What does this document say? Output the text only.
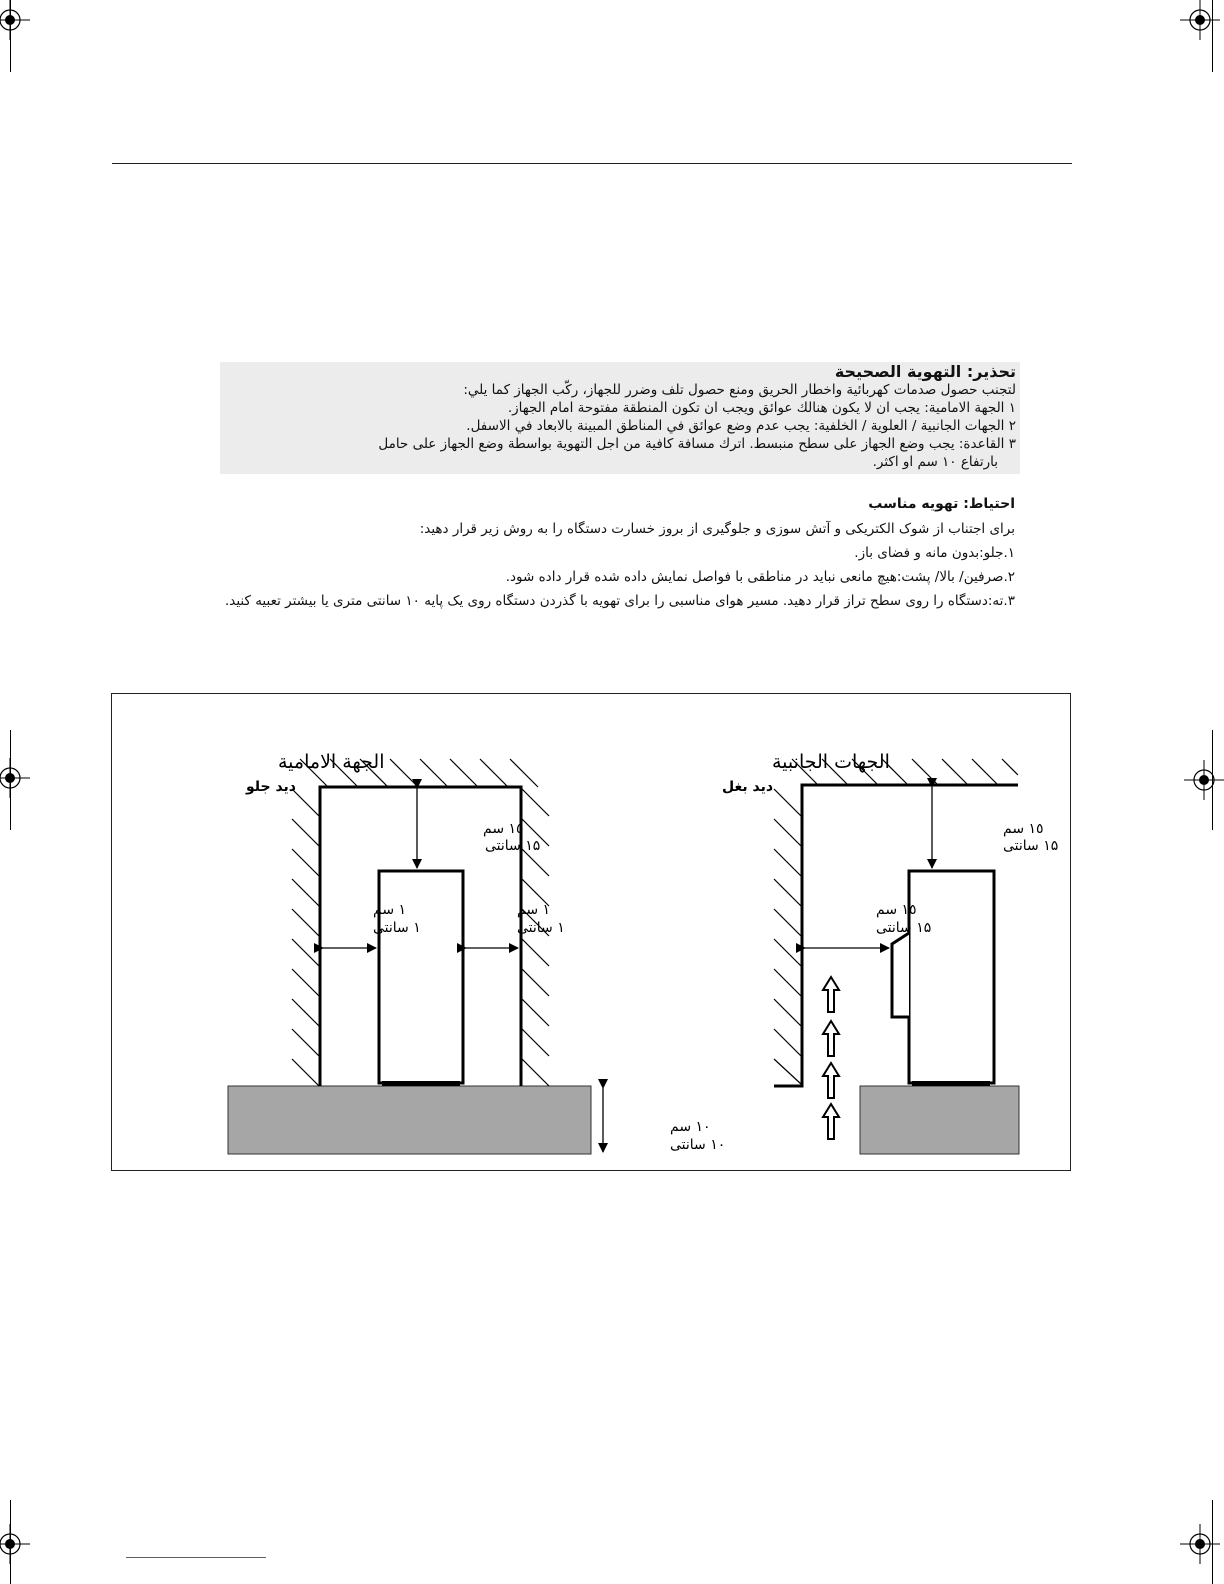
تحذير: التهوية الصحيحة
لتجنب حصول صدمات كهربائية واخطار الحريق ومنع حصول تلف وضرر للجهاز، ركّب الجهاز كما يلي:
١ الجهة الامامية: يجب ان لا يكون هنالك عوائق ويجب ان تكون المنطقة مفتوحة امام الجهاز.
٢ الجهات الجانبية / العلوية / الخلفية: يجب عدم وضع عوائق في المناطق المبينة بالابعاد في الاسفل.
٣ القاعدة: يجب وضع الجهاز على سطح منبسط. اترك مسافة كافية من اجل التهوية بواسطة وضع الجهاز على حامل
بارتفاع ١٠ سم او اكثر.
احتياط: تهويه مناسب
برای اجتناب از شوک الکتریکی و آتش سوزی و جلوگیری از بروز خسارت دستگاه را به روش زیر قرار دهید:
۱.جلو:بدون مانه و فضای باز.
۲.صرفین/ بالا/ پشت:هیچ مانعی نباید در مناطقی با فواصل نمایش داده شده قرار داده شود.
۳.ته:دستگاه را روی سطح تراز قرار دهید. مسیر هوای مناسبی را برای تهویه با گذردن دستگاه روی یک پایه ۱۰ سانتی متری یا بیشتر تعبیه کنید.
الجهة الامامية
دید جلو
١٥ سم
۱۵ سانتی
١ سم
۱ سانتی
١ سم
۱ سانتی
١٠ سم
۱۰ سانتی
الجهات الجانبية
دید بغل
١٥ سم
۱۵ سانتی
١٥ سم
۱۵ سانتی
